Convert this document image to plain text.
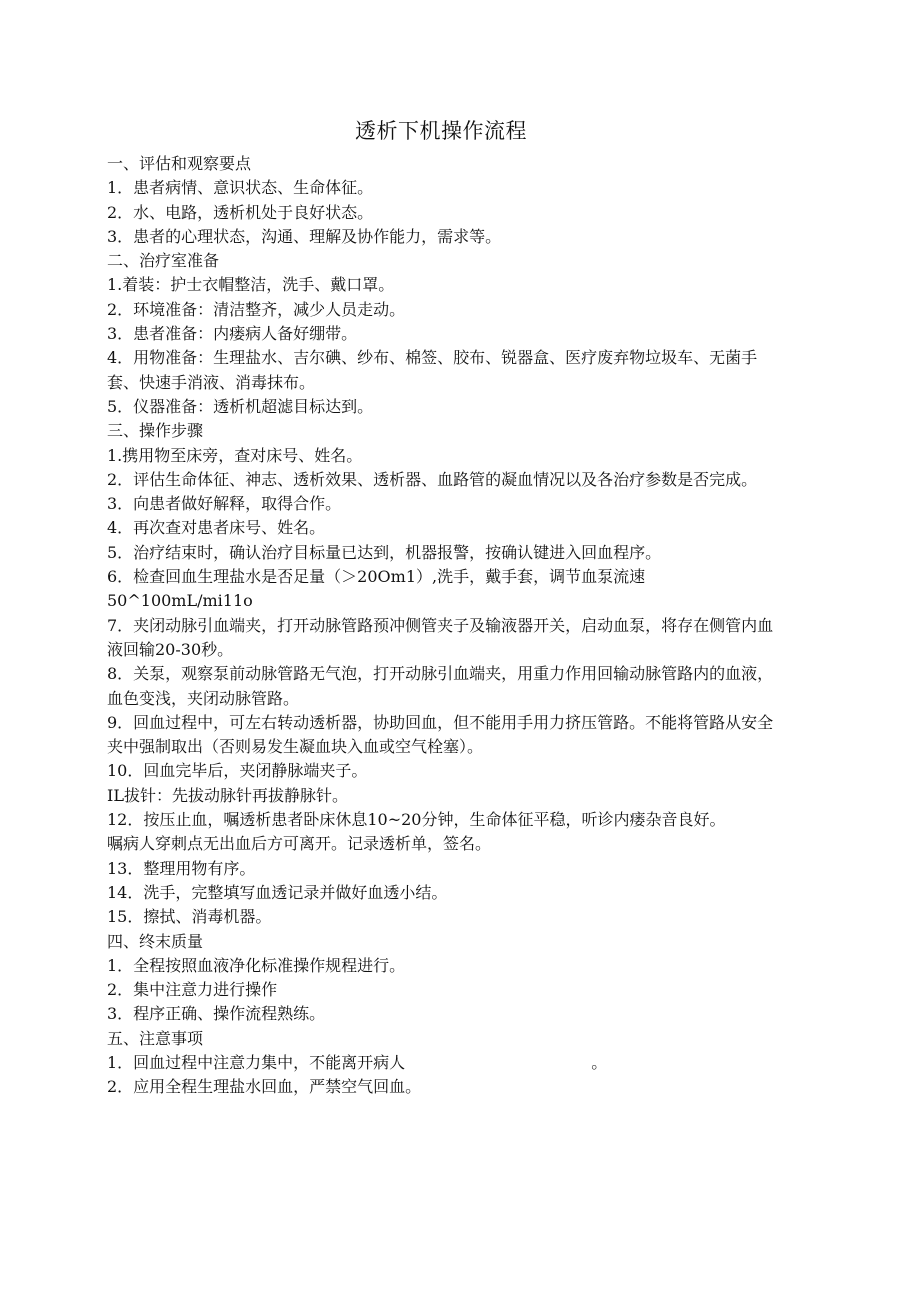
透析下机操作流程
一、评估和观察要点
1．患者病情、意识状态、生命体征。
2．水、电路，透析机处于良好状态。
3．患者的心理状态，沟通、理解及协作能力，需求等。
二、治疗室准备
1.着装：护士衣帽整洁，洗手、戴口罩。
2．环境准备：清洁整齐，减少人员走动。
3．患者准备：内瘘病人备好绷带。
4．用物准备：生理盐水、吉尔碘、纱布、棉签、胶布、锐器盒、医疗废弃物垃圾车、无菌手套、快速手消液、消毒抹布。
5．仪器准备：透析机超滤目标达到。
三、操作步骤
1.携用物至床旁，查对床号、姓名。
2．评估生命体征、神志、透析效果、透析器、血路管的凝血情况以及各治疗参数是否完成。
3．向患者做好解释，取得合作。
4．再次查对患者床号、姓名。
5．治疗结束时，确认治疗目标量已达到，机器报警，按确认键进入回血程序。
6．检查回血生理盐水是否足量（＞20Om1）,洗手，戴手套，调节血泵流速
50^100mL/mi11o
7．夹闭动脉引血端夹，打开动脉管路预冲侧管夹子及输液器开关，启动血泵，将存在侧管内血液回输20-30秒。
8．关泵，观察泵前动脉管路无气泡，打开动脉引血端夹，用重力作用回输动脉管路内的血液，血色变浅，夹闭动脉管路。
9．回血过程中，可左右转动透析器，协助回血，但不能用手用力挤压管路。不能将管路从安全夹中强制取出（否则易发生凝血块入血或空气栓塞）。
10．回血完毕后，夹闭静脉端夹子。
IL拔针：先拔动脉针再拔静脉针。
12．按压止血，嘱透析患者卧床休息10~20分钟，生命体征平稳，听诊内瘘杂音良好。
嘱病人穿刺点无出血后方可离开。记录透析单，签名。
13．整理用物有序。
14．洗手，完整填写血透记录并做好血透小结。
15．擦拭、消毒机器。
四、终末质量
1．全程按照血液净化标准操作规程进行。
2．集中注意力进行操作
3．程序正确、操作流程熟练。
五、注意事项
1．回血过程中注意力集中，不能离开病人	。
2．应用全程生理盐水回血，严禁空气回血。
